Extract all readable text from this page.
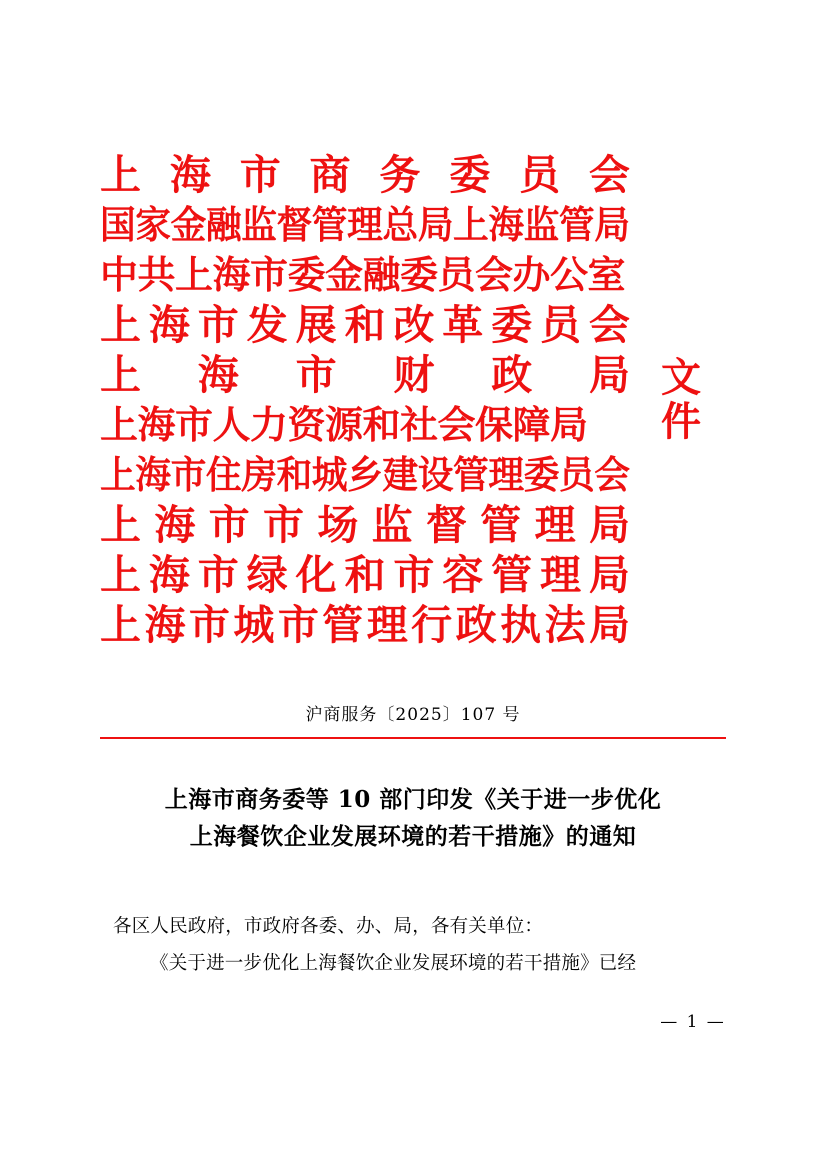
上 海 市 商 务 委 员 会
国家金融监督管理总局上海监管局 中共上海市委金融委员会办公室
上 海 市 发 展 和 改 革 委 员 会
上 海 市 财 政 局
上海市人力资源和社会保障局 上海市住房和城乡建设管理委员会
上 海 市 市 场 监 督 管 理 局
上 海 市 绿 化 和 市 容 管 理 局
上 海 市 城 市 管 理 行 政 执 法 局
文
件
沪商服务〔2025〕107 号
上海市商务委等 10 部门印发《关于进一步优化
上海餐饮企业发展环境的若干措施》的通知

各区人民政府，市政府各委、办、局，各有关单位：

《关于进一步优化上海餐饮企业发展环境的若干措施》已经

— 1 —
